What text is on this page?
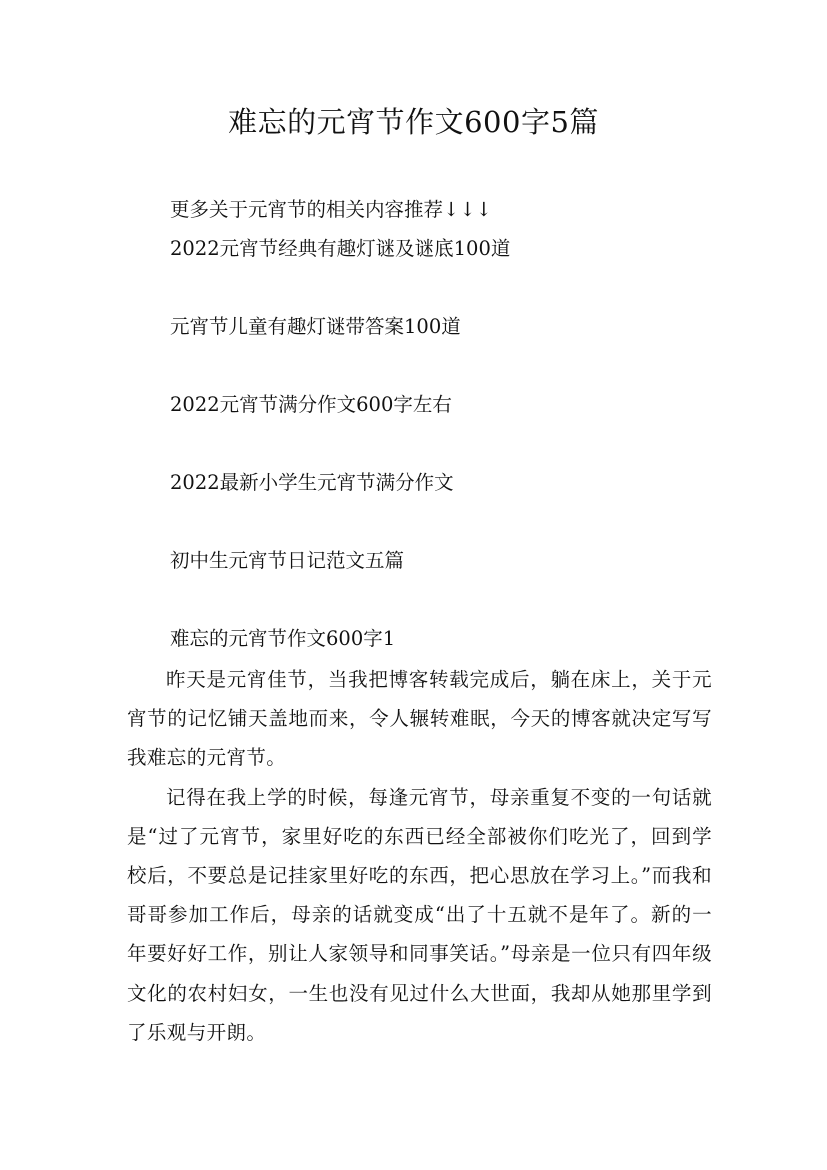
难忘的元宵节作文600字5篇
更多关于元宵节的相关内容推荐↓↓↓
2022元宵节经典有趣灯谜及谜底100道
元宵节儿童有趣灯谜带答案100道
2022元宵节满分作文600字左右
2022最新小学生元宵节满分作文
初中生元宵节日记范文五篇
难忘的元宵节作文600字1

昨天是元宵佳节，当我把博客转载完成后，躺在床上，关于元宵节的记忆铺天盖地而来，令人辗转难眠，今天的博客就决定写写我难忘的元宵节。

记得在我上学的时候，每逢元宵节，母亲重复不变的一句话就是“过了元宵节，家里好吃的东西已经全部被你们吃光了，回到学校后，不要总是记挂家里好吃的东西，把心思放在学习上。”而我和哥哥参加工作后，母亲的话就变成“出了十五就不是年了。新的一年要好好工作，别让人家领导和同事笑话。”母亲是一位只有四年级文化的农村妇女，一生也没有见过什么大世面，我却从她那里学到了乐观与开朗。
